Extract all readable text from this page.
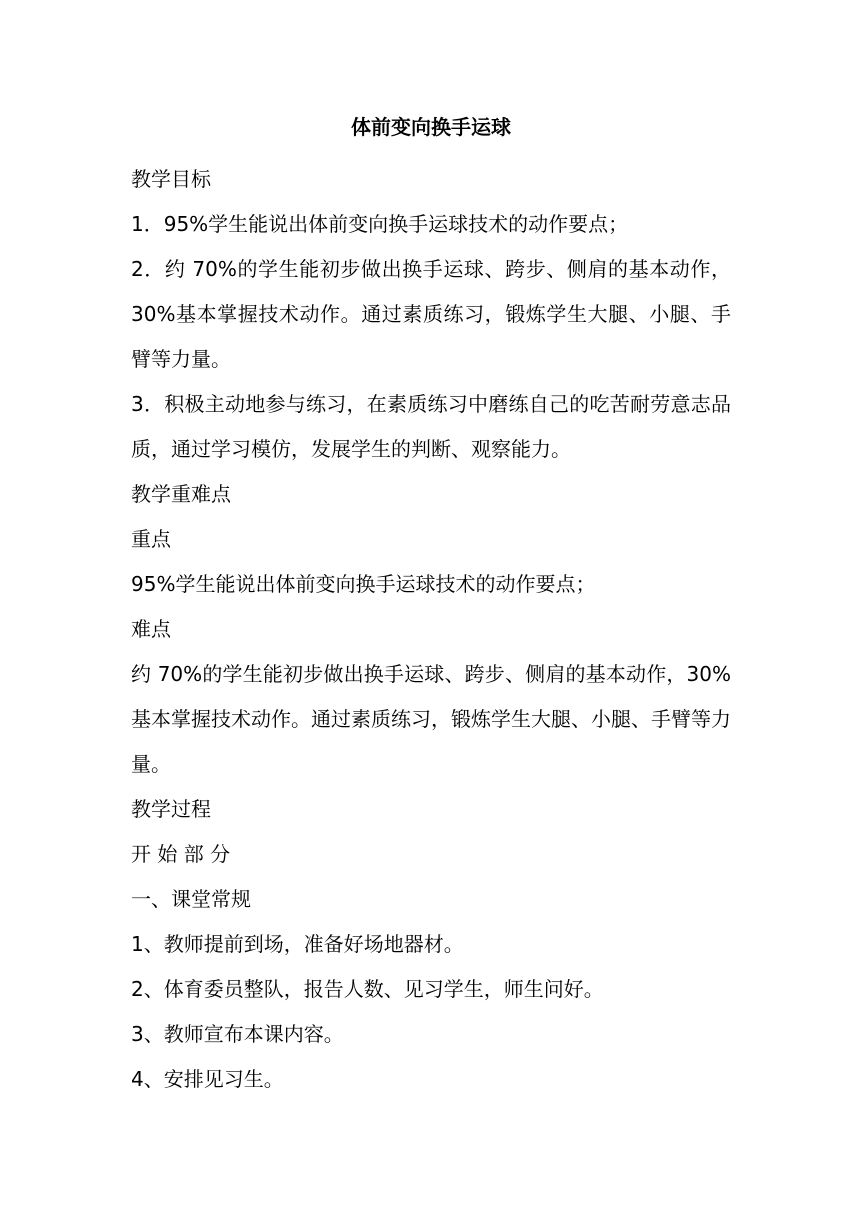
体前变向换手运球

教学目标

1．95%学生能说出体前变向换手运球技术的动作要点；

2．约 70%的学生能初步做出换手运球、跨步、侧肩的基本动作，30%基本掌握技术动作。通过素质练习，锻炼学生大腿、小腿、手臂等力量。

3．积极主动地参与练习，在素质练习中磨练自己的吃苦耐劳意志品质，通过学习模仿，发展学生的判断、观察能力。

教学重难点

重点

95%学生能说出体前变向换手运球技术的动作要点；

难点

约 70%的学生能初步做出换手运球、跨步、侧肩的基本动作，30%基本掌握技术动作。通过素质练习，锻炼学生大腿、小腿、手臂等力量。

教学过程

开 始 部 分

一、课堂常规

1、教师提前到场，准备好场地器材。

2、体育委员整队，报告人数、见习学生，师生问好。

3、教师宣布本课内容。

4、安排见习生。
